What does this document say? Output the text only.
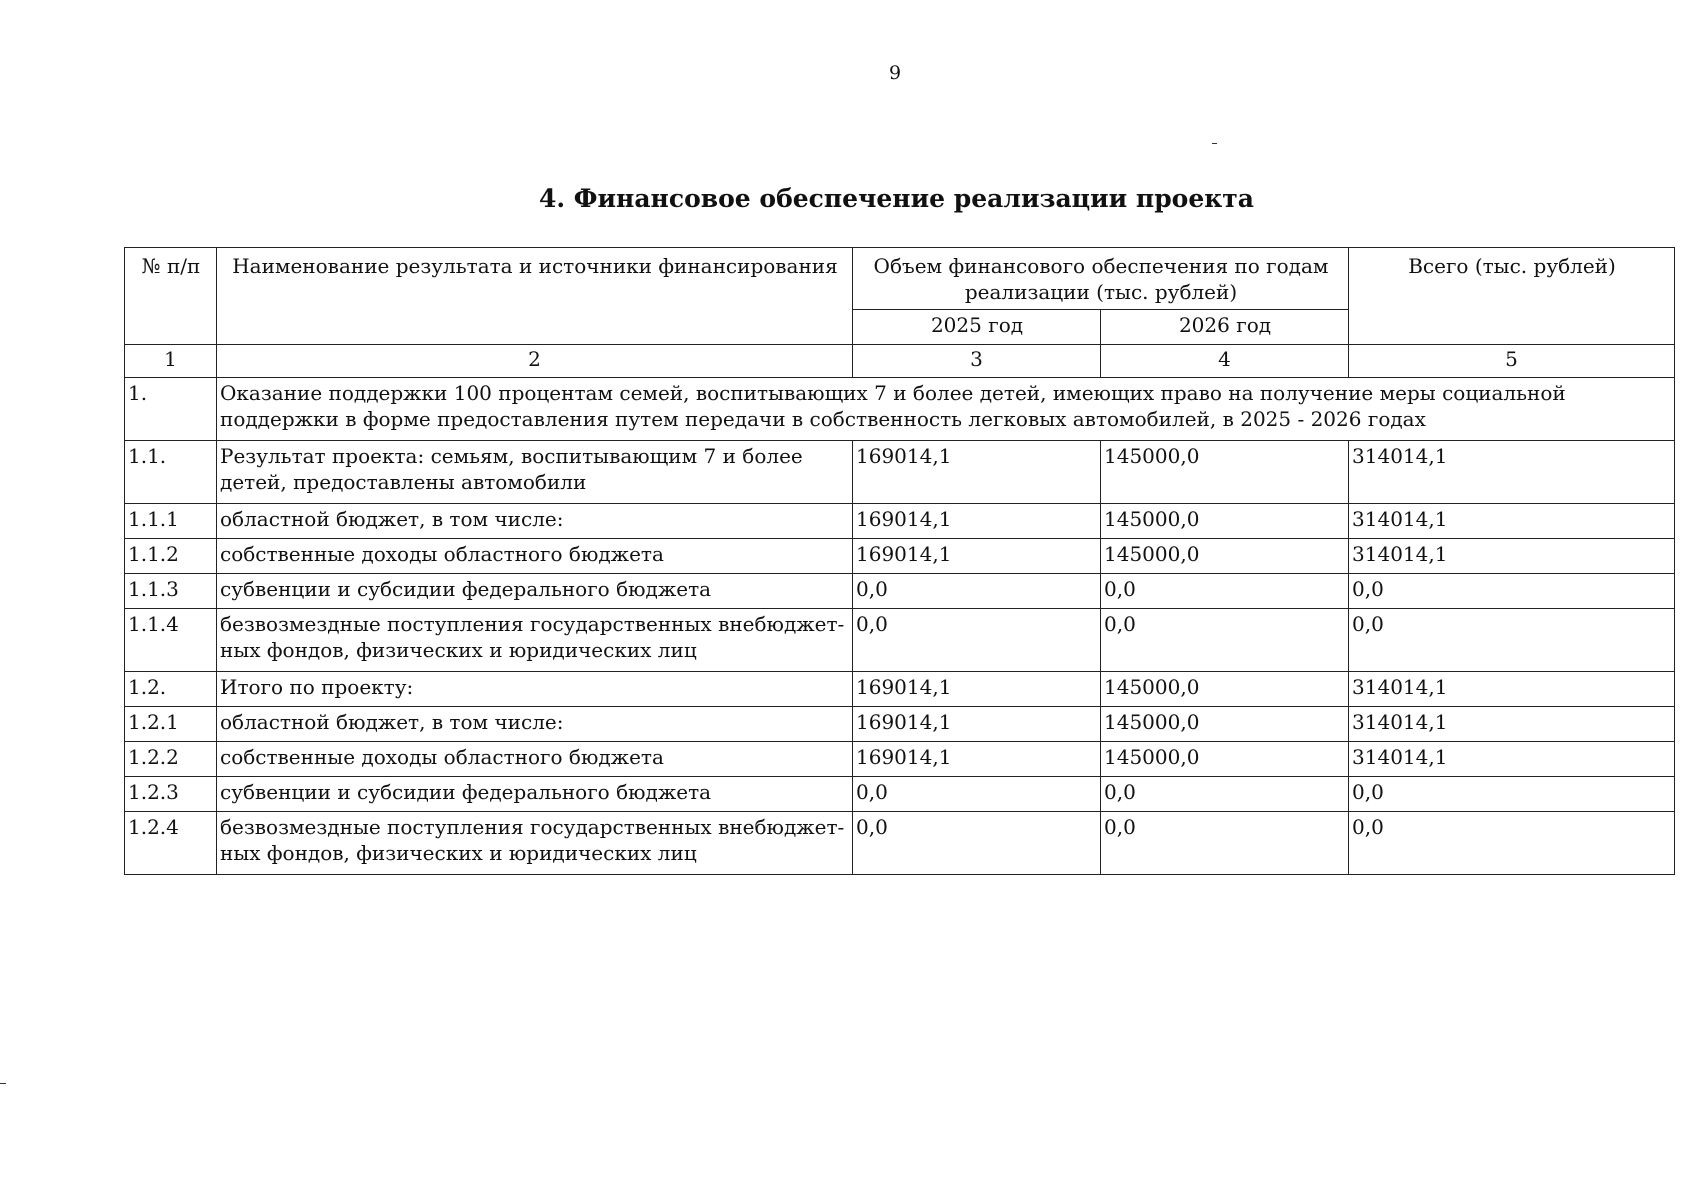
9
4. Финансовое обеспечение реализации проекта
№ п/п	Наименование результата и источники финансирования	Объем финансового обеспечения по годам реализации (тыс. рублей)		Всего (тыс. рублей)
		2025 год	2026 год	
1	2	3	4	5
1.	Оказание поддержки 100 процентам семей, воспитывающих 7 и более детей, имеющих право на получение меры социальной поддержки в форме предоставления путем передачи в собственность легковых автомобилей, в 2025 - 2026 годах			
1.1.	Результат проекта: семьям, воспитывающим 7 и более детей, предоставлены автомобили	169014,1	145000,0	314014,1
1.1.1	областной бюджет, в том числе:	169014,1	145000,0	314014,1
1.1.2	собственные доходы областного бюджета	169014,1	145000,0	314014,1
1.1.3	субвенции и субсидии федерального бюджета	0,0	0,0	0,0
1.1.4	безвозмездные поступления государственных внебюджет-ных фондов, физических и юридических лиц	0,0	0,0	0,0
1.2.	Итого по проекту:	169014,1	145000,0	314014,1
1.2.1	областной бюджет, в том числе:	169014,1	145000,0	314014,1
1.2.2	собственные доходы областного бюджета	169014,1	145000,0	314014,1
1.2.3	субвенции и субсидии федерального бюджета	0,0	0,0	0,0
1.2.4	безвозмездные поступления государственных внебюджет-ных фондов, физических и юридических лиц	0,0	0,0	0,0
